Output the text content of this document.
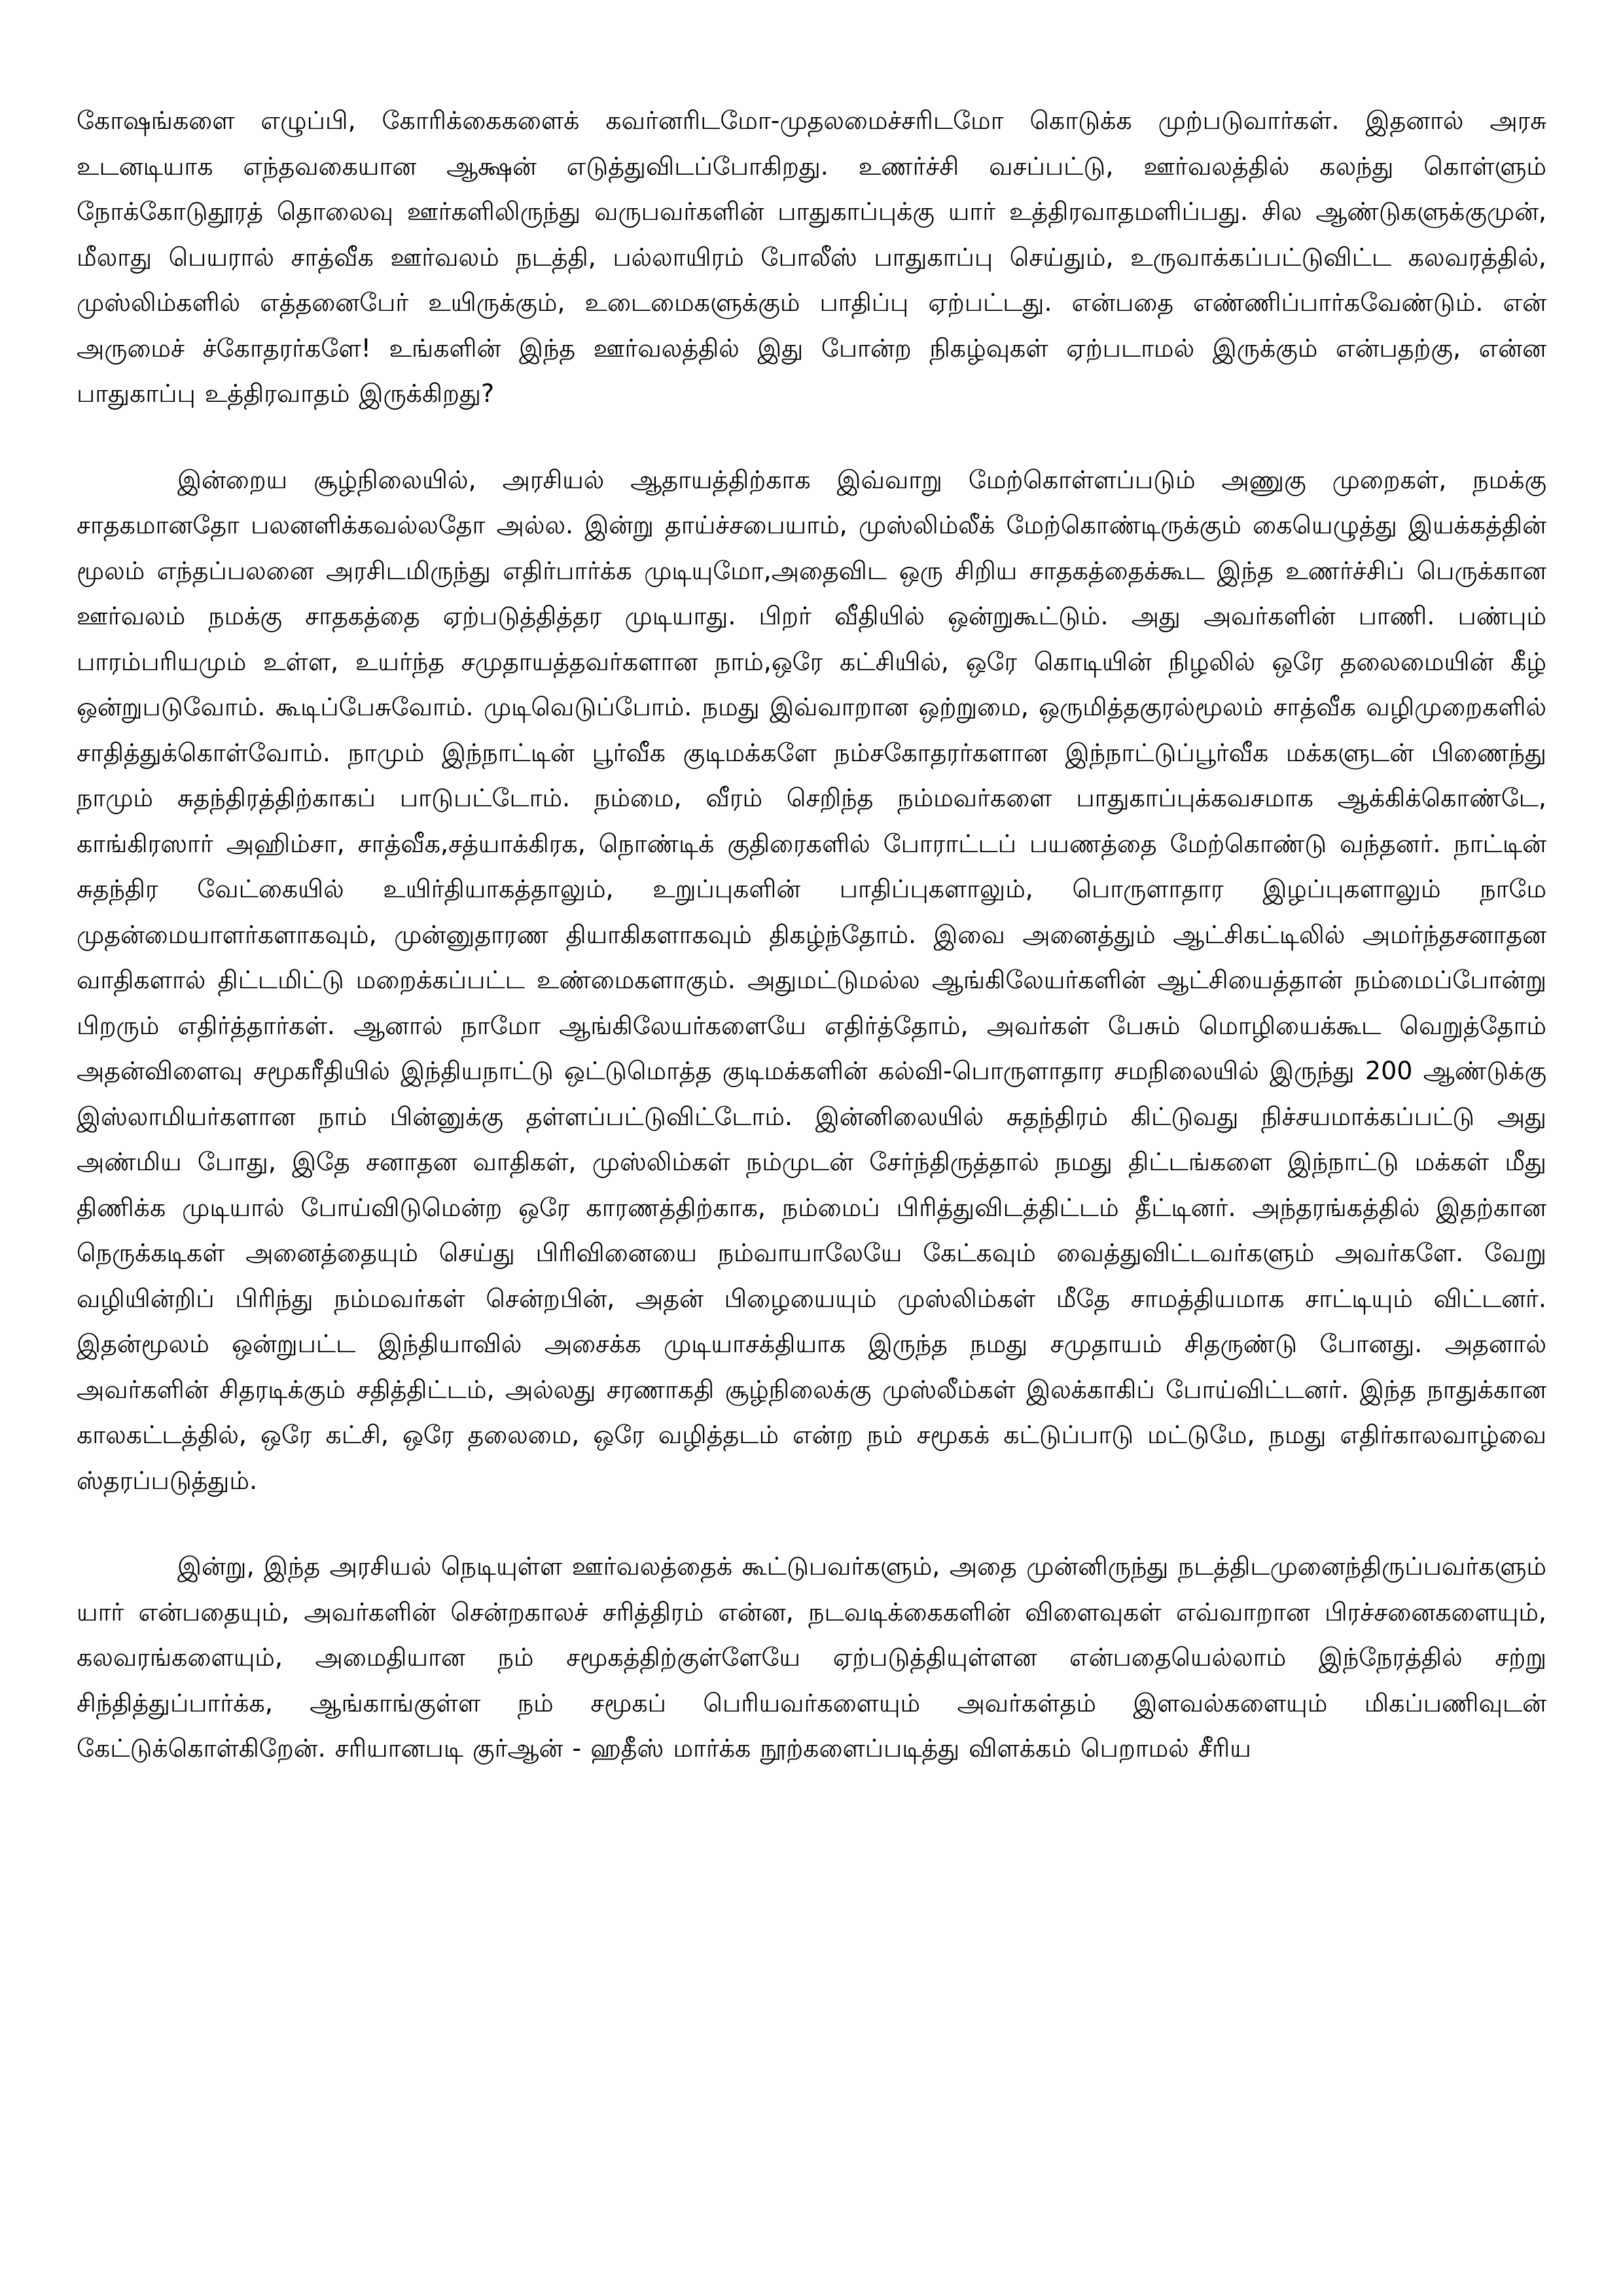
கோஷங்களை எழுப்பி, கோரிக்கைகளைக் கவர்னரிடமோ-முதலமைச்சரிடமோ கொடுக்க முற்படுவார்கள். இதனால் அரசு உடனடியாக எந்தவகையான ஆக்ஷன் எடுத்துவிடப்போகிறது. உணர்ச்சி வசப்பட்டு, ஊர்வலத்தில் கலந்து கொள்ளும் நோக்கோடுதூரத் தொலைவு ஊர்களிலிருந்து வருபவர்களின் பாதுகாப்புக்கு யார் உத்திரவாதமளிப்பது. சில ஆண்டுகளுக்குமுன், மீலாது பெயரால் சாத்வீக ஊர்வலம் நடத்தி, பல்லாயிரம் போலீஸ் பாதுகாப்பு செய்தும், உருவாக்கப்பட்டுவிட்ட கலவரத்தில், முஸ்லிம்களில் எத்தனைபேர் உயிருக்கும், உடைமைகளுக்கும் பாதிப்பு ஏற்பட்டது. என்பதை எண்ணிப்பார்கவேண்டும். என் அருமைச் ச்கோதரர்களே! உங்களின் இந்த ஊர்வலத்தில் இது போன்ற நிகழ்வுகள் ஏற்படாமல் இருக்கும் என்பதற்கு, என்ன பாதுகாப்பு உத்திரவாதம் இருக்கிறது?

இன்றைய சூழ்நிலையில், அரசியல் ஆதாயத்திற்காக இவ்வாறு மேற்கொள்ளப்படும் அணுகு முறைகள், நமக்கு சாதகமானதோ பலனளிக்கவல்லதோ அல்ல. இன்று தாய்ச்சபையாம், முஸ்லிம்லீக் மேற்கொண்டிருக்கும் கையெழுத்து இயக்கத்தின் மூலம் எந்தப்பலனை அரசிடமிருந்து எதிர்பார்க்க முடியுமோ,அதைவிட ஒரு சிறிய சாதகத்தைக்கூட இந்த உணர்ச்சிப் பெருக்கான ஊர்வலம் நமக்கு சாதகத்தை ஏற்படுத்தித்தர முடியாது. பிறர் வீதியில் ஒன்றுகூட்டும். அது அவர்களின் பாணி. பண்பும் பாரம்பரியமும் உள்ள, உயர்ந்த சமுதாயத்தவர்களான நாம்,ஒரே கட்சியில், ஒரே கொடியின் நிழலில் ஒரே தலைமையின் கீழ் ஒன்றுபடுவோம். கூடிப்பேசுவோம். முடிவெடுப்போம். நமது இவ்வாறான ஒற்றுமை, ஒருமித்தகுரல்மூலம் சாத்வீக வழிமுறைகளில் சாதித்துக்கொள்வோம். நாமும் இந்நாட்டின் பூர்வீக குடிமக்களே நம்சகோதரர்களான இந்நாட்டுப்பூர்வீக மக்களுடன் பிணைந்து நாமும் சுதந்திரத்திற்காகப் பாடுபட்டோம். நம்மை, வீரம் செறிந்த நம்மவர்களை பாதுகாப்புக்கவசமாக ஆக்கிக்கொண்டே, காங்கிரஸார் அஹிம்சா, சாத்வீக,சத்யாக்கிரக, நொண்டிக் குதிரைகளில் போராட்டப் பயணத்தை மேற்கொண்டு வந்தனர். நாட்டின் சுதந்திர வேட்கையில் உயிர்தியாகத்தாலும், உறுப்புகளின் பாதிப்புகளாலும், பொருளாதார இழப்புகளாலும் நாமே முதன்மையாளர்களாகவும், முன்னுதாரண தியாகிகளாகவும் திகழ்ந்தோம். இவை அனைத்தும் ஆட்சிகட்டிலில் அமர்ந்தசனாதன வாதிகளால் திட்டமிட்டு மறைக்கப்பட்ட உண்மைகளாகும். அதுமட்டுமல்ல ஆங்கிலேயர்களின் ஆட்சியைத்தான் நம்மைப்போன்று பிறரும் எதிர்த்தார்கள். ஆனால் நாமோ ஆங்கிலேயர்களையே எதிர்த்தோம், அவர்கள் பேசும் மொழியைக்கூட வெறுத்தோம் அதன்விளைவு சமூகரீதியில் இந்தியநாட்டு ஒட்டுமொத்த குடிமக்களின் கல்வி-பொருளாதார சமநிலையில் இருந்து 200 ஆண்டுக்கு இஸ்லாமியர்களான நாம் பின்னுக்கு தள்ளப்பட்டுவிட்டோம். இன்னிலையில் சுதந்திரம் கிட்டுவது நிச்சயமாக்கப்பட்டு அது அண்மிய போது, இதே சனாதன வாதிகள், முஸ்லிம்கள் நம்முடன் சேர்ந்திருத்தால் நமது திட்டங்களை இந்நாட்டு மக்கள் மீது திணிக்க முடியால் போய்விடுமென்ற ஒரே காரணத்திற்காக, நம்மைப் பிரித்துவிடத்திட்டம் தீட்டினர். அந்தரங்கத்தில் இதற்கான நெருக்கடிகள் அனைத்தையும் செய்து பிரிவினையை நம்வாயாலேயே கேட்கவும் வைத்துவிட்டவர்களும் அவர்களே. வேறு வழியின்றிப் பிரிந்து நம்மவர்கள் சென்றபின், அதன் பிழையையும் முஸ்லிம்கள் மீதே சாமத்தியமாக சாட்டியும் விட்டனர். இதன்மூலம் ஒன்றுபட்ட இந்தியாவில் அசைக்க முடியாசக்தியாக இருந்த நமது சமுதாயம் சிதருண்டு போனது. அதனால் அவர்களின் சிதரடிக்கும் சதித்திட்டம், அல்லது சரணாகதி சூழ்நிலைக்கு முஸ்லீம்கள் இலக்காகிப் போய்விட்டனர். இந்த நாதுக்கான காலகட்டத்தில், ஒரே கட்சி, ஒரே தலைமை, ஒரே வழித்தடம் என்ற நம் சமூகக் கட்டுப்பாடு மட்டுமே, நமது எதிர்காலவாழ்வை ஸ்தரப்படுத்தும்.

இன்று, இந்த அரசியல் நெடியுள்ள ஊர்வலத்தைக் கூட்டுபவர்களும், அதை முன்னிருந்து நடத்திடமுனைந்திருப்பவர்களும் யார் என்பதையும், அவர்களின் சென்றகாலச் சரித்திரம் என்ன, நடவடிக்கைகளின் விளைவுகள் எவ்வாறான பிரச்சனைகளையும், கலவரங்களையும், அமைதியான நம் சமூகத்திற்குள்ளேயே ஏற்படுத்தியுள்ளன என்பதையெல்லாம் இந்நேரத்தில் சற்று சிந்தித்துப்பார்க்க, ஆங்காங்குள்ள நம் சமூகப் பெரியவர்களையும் அவர்கள்தம் இளவல்களையும் மிகப்பணிவுடன் கேட்டுக்கொள்கிறேன். சரியானபடி குர்ஆன் - ஹதீஸ் மார்க்க நூற்களைப்படித்து விளக்கம் பெறாமல் சீரிய
